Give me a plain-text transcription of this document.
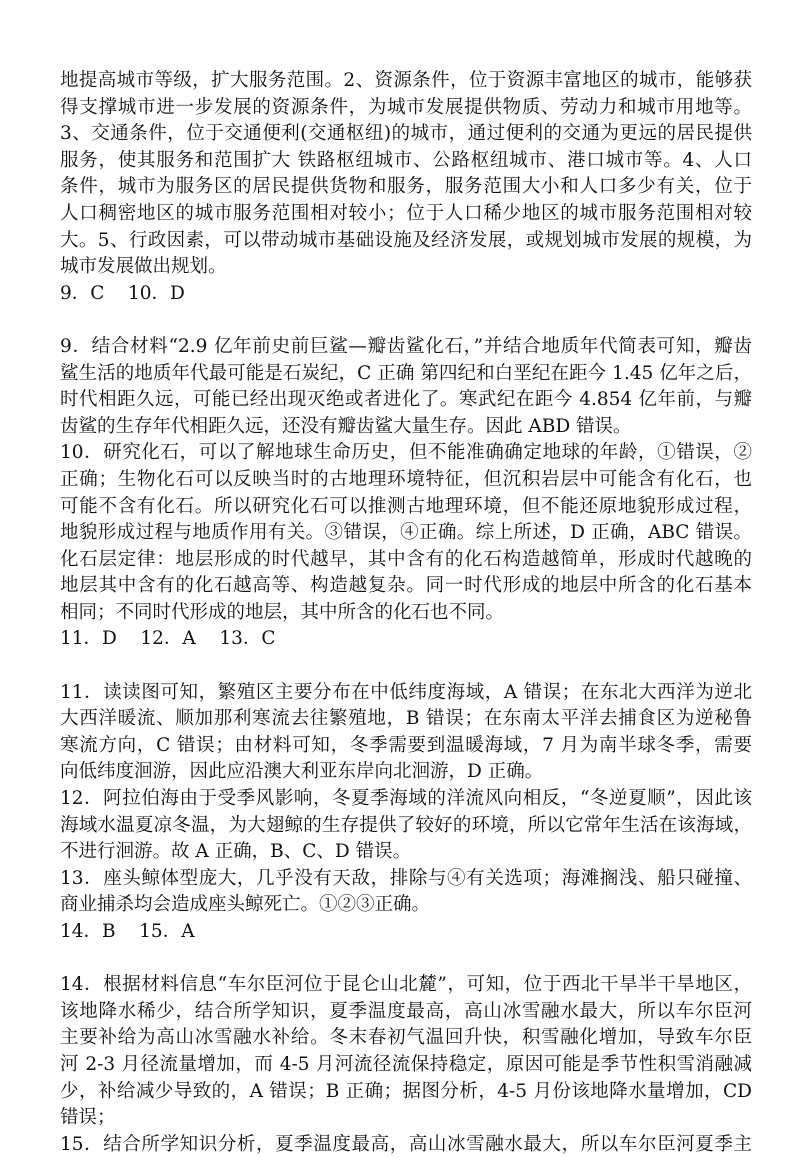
地提高城市等级，扩大服务范围。2、资源条件，位于资源丰富地区的城市，能够获
得支撑城市进一步发展的资源条件，为城市发展提供物质、劳动力和城市用地等。
3、交通条件，位于交通便利(交通枢纽)的城市，通过便利的交通为更远的居民提供
服务，使其服务和范围扩大 铁路枢纽城市、公路枢纽城市、港口城市等。4、人口
条件，城市为服务区的居民提供货物和服务，服务范围大小和人口多少有关，位于
人口稠密地区的城市服务范围相对较小；位于人口稀少地区的城市服务范围相对较
大。5、行政因素，可以带动城市基础设施及经济发展，或规划城市发展的规模，为
城市发展做出规划。
9．C    10．D
9．结合材料“2.9 亿年前史前巨鲨—瓣齿鲨化石，”并结合地质年代简表可知，瓣齿
鲨生活的地质年代最可能是石炭纪，C 正确 第四纪和白垩纪在距今 1.45 亿年之后，
时代相距久远，可能已经出现灭绝或者进化了。寒武纪在距今 4.854 亿年前，与瓣
齿鲨的生存年代相距久远，还没有瓣齿鲨大量生存。因此 ABD 错误。
10．研究化石，可以了解地球生命历史，但不能准确确定地球的年龄，①错误，②
正确；生物化石可以反映当时的古地理环境特征，但沉积岩层中可能含有化石，也
可能不含有化石。所以研究化石可以推测古地理环境，但不能还原地貌形成过程，
地貌形成过程与地质作用有关。③错误，④正确。综上所述，D 正确，ABC 错误。
化石层定律：地层形成的时代越早，其中含有的化石构造越简单，形成时代越晚的
地层其中含有的化石越高等、构造越复杂。同一时代形成的地层中所含的化石基本
相同；不同时代形成的地层，其中所含的化石也不同。
11．D    12．A    13．C
11．读读图可知，繁殖区主要分布在中低纬度海域，A 错误；在东北大西洋为逆北
大西洋暖流、顺加那利寒流去往繁殖地，B 错误；在东南太平洋去捕食区为逆秘鲁
寒流方向，C 错误；由材料可知，冬季需要到温暖海域，7 月为南半球冬季，需要
向低纬度洄游，因此应沿澳大利亚东岸向北洄游，D 正确。
12．阿拉伯海由于受季风影响，冬夏季海域的洋流风向相反，“冬逆夏顺”，因此该
海域水温夏凉冬温，为大翅鲸的生存提供了较好的环境，所以它常年生活在该海域，
不进行洄游。故 A 正确，B、C、D 错误。
13．座头鲸体型庞大，几乎没有天敌，排除与④有关选项；海滩搁浅、船只碰撞、
商业捕杀均会造成座头鲸死亡。①②③正确。
14．B    15．A
14．根据材料信息“车尔臣河位于昆仑山北麓”，可知，位于西北干旱半干旱地区，
该地降水稀少，结合所学知识，夏季温度最高，高山冰雪融水最大，所以车尔臣河
主要补给为高山冰雪融水补给。冬末春初气温回升快，积雪融化增加，导致车尔臣
河 2-3 月径流量增加，而 4-5 月河流径流保持稳定，原因可能是季节性积雪消融减
少，补给减少导致的，A 错误；B 正确；据图分析，4-5 月份该地降水量增加，CD
错误；
15．结合所学知识分析，夏季温度最高，高山冰雪融水最大，所以车尔臣河夏季主
